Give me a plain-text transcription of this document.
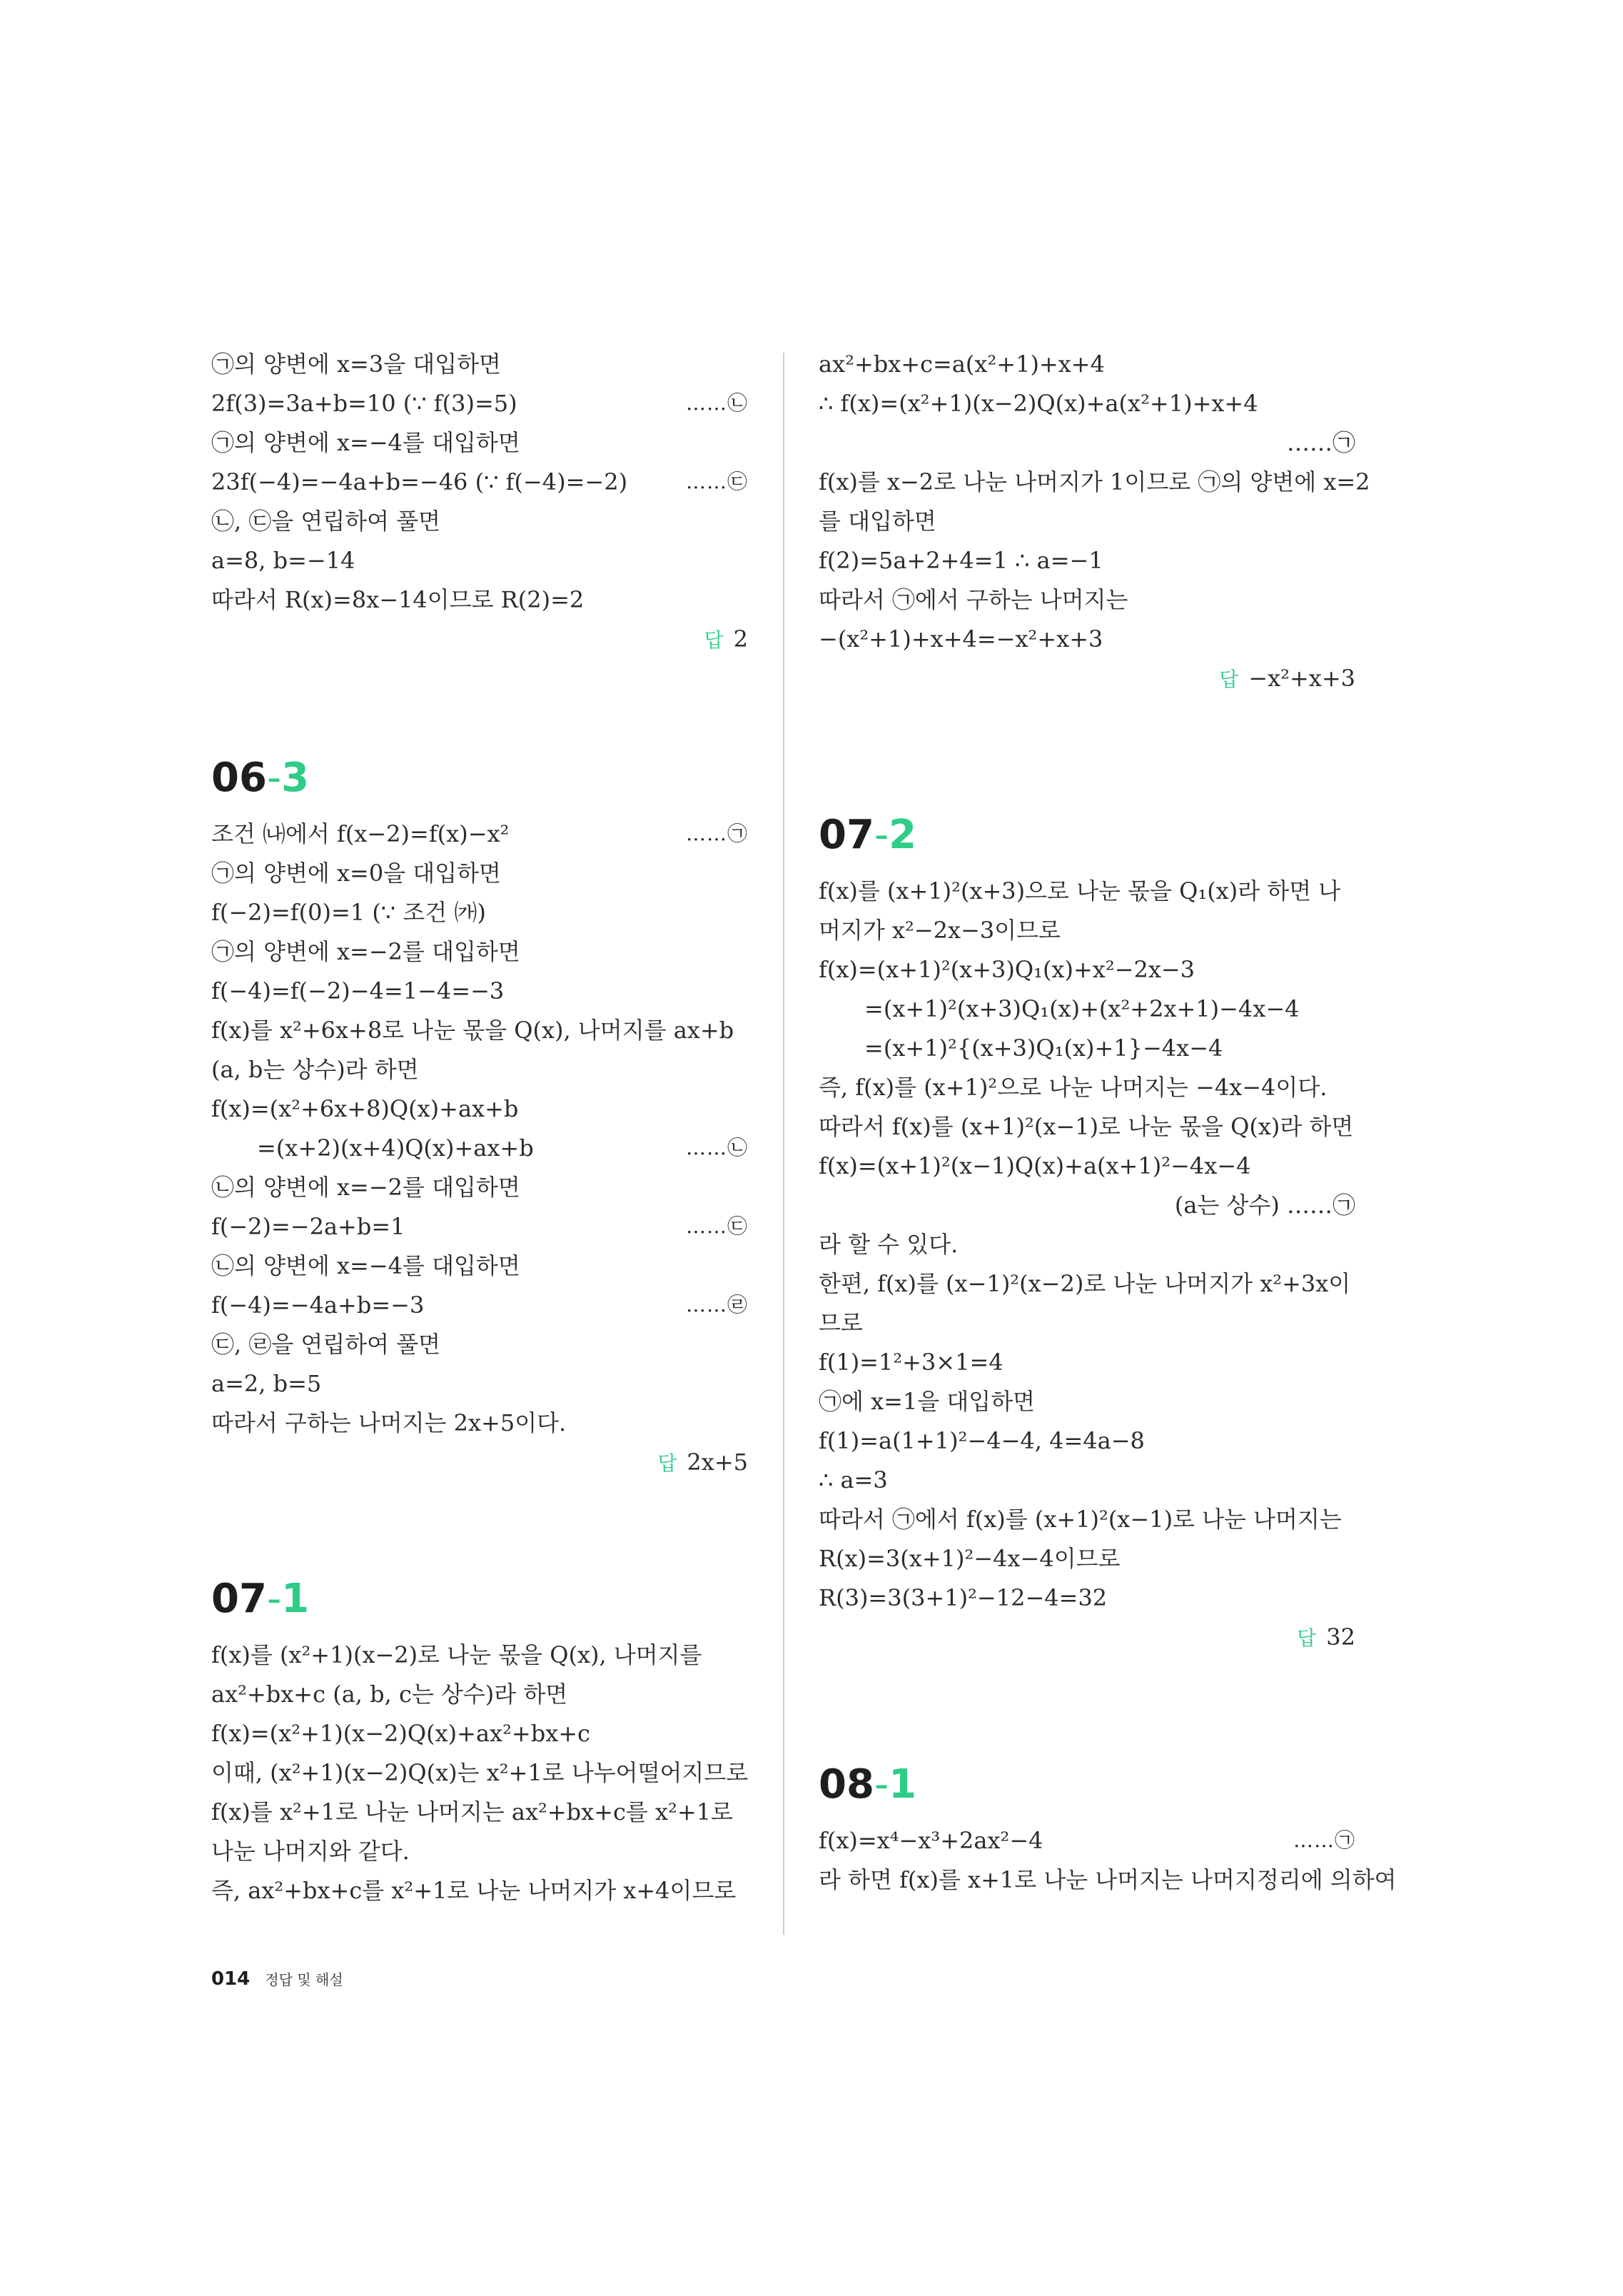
㉠의 양변에 x=3을 대입하면
2f(3)=3a+b=10 (∵ f(3)=5)	……㉡
㉠의 양변에 x=−4를 대입하면
23f(−4)=−4a+b=−46 (∵ f(−4)=−2)	……㉢
㉡, ㉢을 연립하여 풀면
a=8, b=−14
따라서 R(x)=8x−14이므로 R(2)=2
답 2
06-3
조건 ㈏에서 f(x−2)=f(x)−x²	……㉠
㉠의 양변에 x=0을 대입하면
f(−2)=f(0)=1 (∵ 조건 ㈎)
㉠의 양변에 x=−2를 대입하면
f(−4)=f(−2)−4=1−4=−3
f(x)를 x²+6x+8로 나눈 몫을 Q(x), 나머지를 ax+b
(a, b는 상수)라 하면
f(x)=(x²+6x+8)Q(x)+ax+b
=(x+2)(x+4)Q(x)+ax+b	……㉡
㉡의 양변에 x=−2를 대입하면
f(−2)=−2a+b=1	……㉢
㉡의 양변에 x=−4를 대입하면
f(−4)=−4a+b=−3	……㉣
㉢, ㉣을 연립하여 풀면
a=2, b=5
따라서 구하는 나머지는 2x+5이다.
답 2x+5
07-1
f(x)를 (x²+1)(x−2)로 나눈 몫을 Q(x), 나머지를
ax²+bx+c (a, b, c는 상수)라 하면
f(x)=(x²+1)(x−2)Q(x)+ax²+bx+c
이때, (x²+1)(x−2)Q(x)는 x²+1로 나누어떨어지므로
f(x)를 x²+1로 나눈 나머지는 ax²+bx+c를 x²+1로
나눈 나머지와 같다.
즉, ax²+bx+c를 x²+1로 나눈 나머지가 x+4이므로
ax²+bx+c=a(x²+1)+x+4
∴ f(x)=(x²+1)(x−2)Q(x)+a(x²+1)+x+4
……㉠
f(x)를 x−2로 나눈 나머지가 1이므로 ㉠의 양변에 x=2
를 대입하면
f(2)=5a+2+4=1 ∴ a=−1
따라서 ㉠에서 구하는 나머지는
−(x²+1)+x+4=−x²+x+3
답 −x²+x+3
07-2
f(x)를 (x+1)²(x+3)으로 나눈 몫을 Q₁(x)라 하면 나
머지가 x²−2x−3이므로
f(x)=(x+1)²(x+3)Q₁(x)+x²−2x−3
=(x+1)²(x+3)Q₁(x)+(x²+2x+1)−4x−4
=(x+1)²{(x+3)Q₁(x)+1}−4x−4
즉, f(x)를 (x+1)²으로 나눈 나머지는 −4x−4이다.
따라서 f(x)를 (x+1)²(x−1)로 나눈 몫을 Q(x)라 하면
f(x)=(x+1)²(x−1)Q(x)+a(x+1)²−4x−4
(a는 상수) ……㉠
라 할 수 있다.
한편, f(x)를 (x−1)²(x−2)로 나눈 나머지가 x²+3x이
므로
f(1)=1²+3×1=4
㉠에 x=1을 대입하면
f(1)=a(1+1)²−4−4, 4=4a−8
∴ a=3
따라서 ㉠에서 f(x)를 (x+1)²(x−1)로 나눈 나머지는
R(x)=3(x+1)²−4x−4이므로
R(3)=3(3+1)²−12−4=32
답 32
08-1
f(x)=x⁴−x³+2ax²−4	……㉠
라 하면 f(x)를 x+1로 나눈 나머지는 나머지정리에 의하여
014 정답 및 해설
